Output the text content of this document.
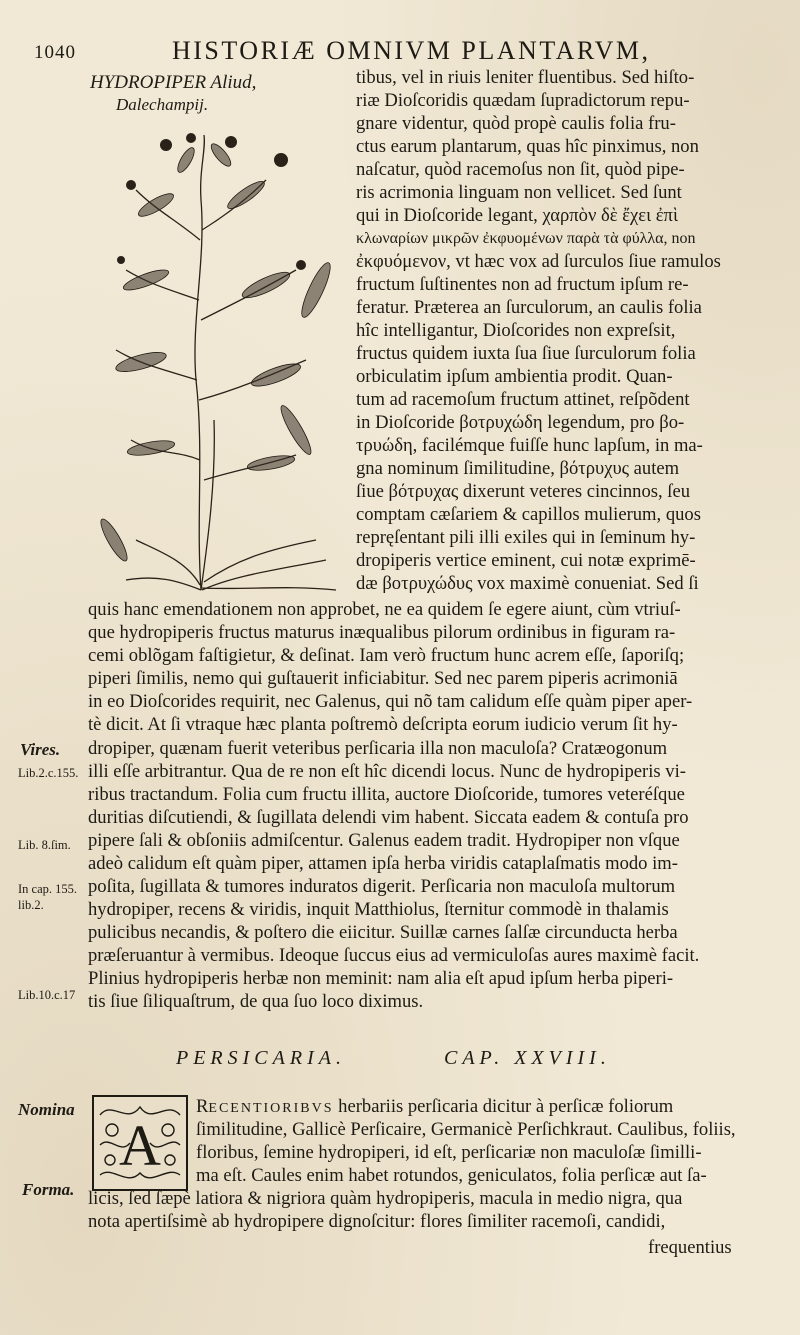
1040	HISTORIÆ OMNIVM PLANTARVM,
HYDROPIPER Aliud,
Dalechampij.
tibus, vel in riuis leniter fluentibus. Sed hiſto-
riæ Dioſcoridis quædam ſupradictorum repu-
gnare videntur, quòd propè caulis folia fru-
ctus earum plantarum, quas hîc pinximus, non
naſcatur, quòd racemoſus non ſit, quòd pipe-
ris acrimonia linguam non vellicet. Sed ſunt
qui in Dioſcoride legant, χαρπὸν δὲ ἔχει ἐπὶ
κλωναρίων μικρῶν ἐκφυομένων παρὰ τὰ φύλλα, non
ἐκφυόμενον, vt hæc vox ad ſurculos ſiue ramulos
fructum ſuſtinentes non ad fructum ipſum re-
feratur. Præterea an ſurculorum, an caulis folia
hîc intelligantur, Dioſcorides non expreſsit,
fructus quidem iuxta ſua ſiue ſurculorum folia
orbiculatim ipſum ambientia prodit. Quan-
tum ad racemoſum fructum attinet, reſpõdent
in Dioſcoride βοτρυχώδη legendum, pro βο-
τρυώδη, facilémque fuiſſe hunc lapſum, in ma-
gna nominum ſimilitudine, βότρυχυς autem
ſiue βότρυχας dixerunt veteres cincinnos, ſeu
comptam cæſariem & capillos mulierum, quos
repręſentant pili illi exiles qui in ſeminum hy-
dropiperis vertice eminent, cui notæ exprimē-
dæ βοτρυχώδυς vox maximè conueniat. Sed ſi
quis hanc emendationem non approbet, ne ea quidem ſe egere aiunt, cùm vtriuſ-
que hydropiperis fructus maturus inæqualibus pilorum ordinibus in figuram ra-
cemi oblõgam faſtigietur, & deſinat. Iam verò fructum hunc acrem eſſe, ſaporiſq;
piperi ſimilis, nemo qui guſtauerit inficiabitur. Sed nec parem piperis acrimoniā
in eo Dioſcorides requirit, nec Galenus, qui nõ tam calidum eſſe quàm piper aper-
tè dicit. At ſi vtraque hæc planta poſtremò deſcripta eorum iudicio verum ſit hy-
dropiper, quænam fuerit veteribus perſicaria illa non maculoſa? Cratæogonum
illi eſſe arbitrantur. Qua de re non eſt hîc dicendi locus. Nunc de hydropiperis vi-
ribus tractandum. Folia cum fructu illita, auctore Dioſcoride, tumores veteréſque
duritias diſcutiendi, & ſugillata delendi vim habent. Siccata eadem & contuſa pro
pipere ſali & obſoniis admiſcentur. Galenus eadem tradit. Hydropiper non vſque
adeò calidum eſt quàm piper, attamen ipſa herba viridis cataplaſmatis modo im-
poſita, ſugillata & tumores induratos digerit. Perſicaria non maculoſa multorum
hydropiper, recens & viridis, inquit Matthiolus, ſternitur commodè in thalamis
pulicibus necandis, & poſtero die eiicitur. Suillæ carnes ſalſæ circunducta herba
præſeruantur à vermibus. Ideoque ſuccus eius ad vermiculoſas aures maximè facit.
Plinius hydropiperis herbæ non meminit: nam alia eſt apud ipſum herba piperi-
tis ſiue ſiliquaſtrum, de qua ſuo loco diximus.
Vires.
Lib.2.c.155.
Lib. 8.ſim.
In cap. 155.
lib.2.
Lib.10.c.17
PERSICARIA.	CAP. XXVIII.
Nomina
Forma.
A
RECENTIORIBVS herbariis perſicaria dicitur à perſicæ foliorum
ſimilitudine, Gallicè Perſicaire, Germanicè Perſichkraut. Caulibus, foliis,
floribus, ſemine hydropiperi, id eſt, perſicariæ non maculoſæ ſimilli-
ma eſt. Caules enim habet rotundos, geniculatos, folia perſicæ aut ſa-
licis, ſed ſæpè latiora & nigriora quàm hydropiperis, macula in medio nigra, qua
nota apertiſsimè ab hydropipere dignoſcitur: flores ſimiliter racemoſi, candidi,
frequentius
